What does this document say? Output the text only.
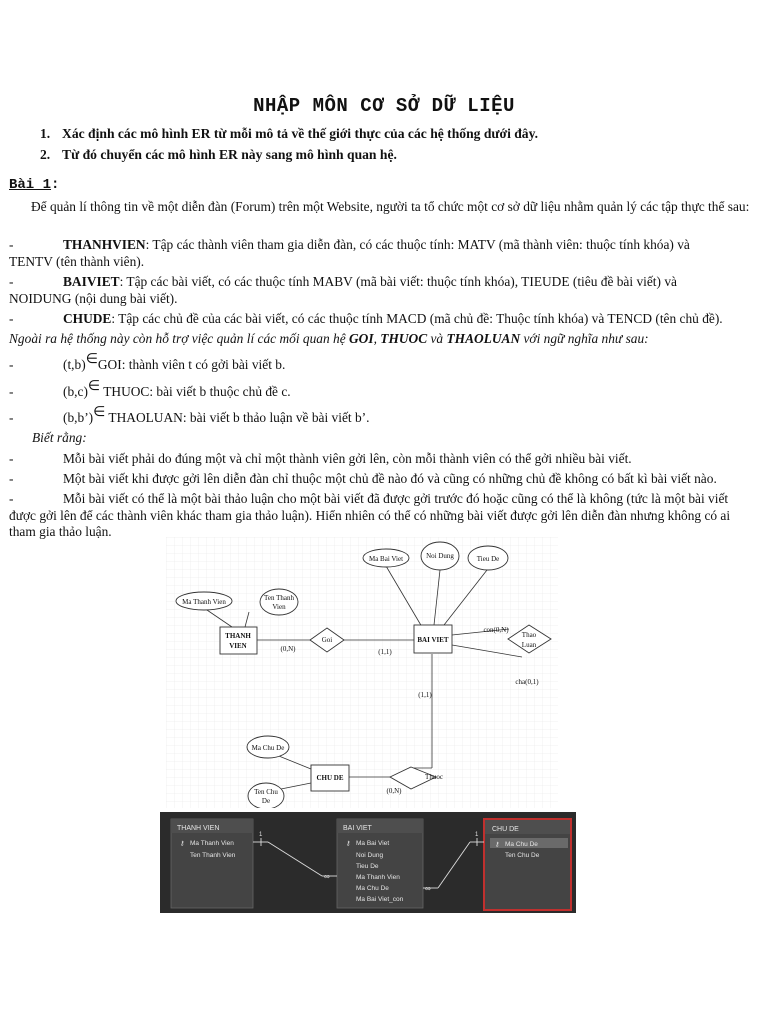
NHẬP MÔN CƠ SỞ DỮ LIỆU
1. Xác định các mô hình ER từ mỗi mô tả về thế giới thực của các hệ thống dưới đây.
2. Từ đó chuyển các mô hình ER này sang mô hình quan hệ.
Bài 1:
Để quản lí thông tin về một diễn đàn (Forum) trên một Website, người ta tổ chức một cơ sở dữ liệu nhằm quản lý các tập thực thể sau:
-	THANHVIEN: Tập các thành viên tham gia diễn đàn, có các thuộc tính: MATV (mã thành viên: thuộc tính khóa) và
TENTV (tên thành viên).
-	BAIVIET: Tập các bài viết, có các thuộc tính MABV (mã bài viết: thuộc tính khóa), TIEUDE (tiêu đề bài viết) và
NOIDUNG (nội dung bài viết).
-	CHUDE: Tập các chủ đề của các bài viết, có các thuộc tính MACD (mã chủ đề: Thuộc tính khóa) và TENCD (tên chủ đề).
Ngoài ra hệ thống này còn hỗ trợ việc quản lí các mối quan hệ GOI, THUOC và THAOLUAN với ngữ nghĩa như sau:
-	(t,b)∈GOI: thành viên t có gởi bài viết b.
-	(b,c)∈ THUOC: bài viết b thuộc chủ đề c.
-	(b,b’)∈ THAOLUAN: bài viết b thảo luận về bài viết b’.
Biết rằng:
-	Mỗi bài viết phải do đúng một và chỉ một thành viên gởi lên, còn mỗi thành viên có thể gởi nhiều bài viết.
-	Một bài viết khi được gởi lên diễn đàn chỉ thuộc một chủ đề nào đó và cũng có những chủ đề không có bất kì bài viết nào.
-	Mỗi bài viết có thể là một bài thảo luận cho một bài viết đã được gởi trước đó hoặc cũng có thể là không (tức là một bài viết
được gởi lên để các thành viên khác tham gia thảo luận). Hiển nhiên có thể có những bài viết được gởi lên diễn đàn nhưng không có ai
tham gia thảo luận.
Ma Thanh Vien	Ten Thanh
Vien
THANH
VIEN
Goi
Ma Bai Viet	Noi Dung	Tieu De
BAI VIET
Thao
Luan
Ma Chu De
CHU DE	Thuoc
Ten Chu
De
(0,N)	(1,1)
con(0,N)
cha(0,1)
(1,1)
(0,N)
THANH VIEN
⚷ Ma Thanh Vien
Ten Thanh Vien
BAI VIET
⚷ Ma Bai Viet
Noi Dung
Tieu De
Ma Thanh Vien
Ma Chu De
Ma Bai Viet_con
CHU DE
⚷ Ma Chu De
Ten Chu De
1
∞
∞
1
